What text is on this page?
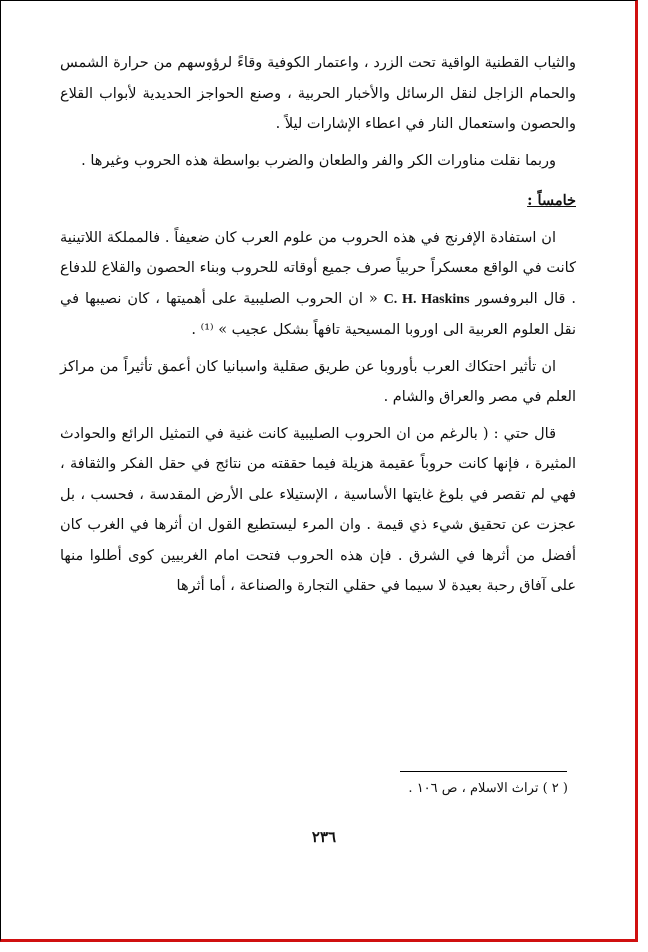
والثياب القطنية الواقية تحت الزرد ، واعتمار الكوفية وقاءً لرؤوسهم من حرارة الشمس والحمام الزاجل لنقل الرسائل والأخبار الحربية ، وصنع الحواجز الحديدية لأبواب القلاع والحصون واستعمال النار في اعطاء الإشارات ليلاً .

وربما نقلت مناورات الكر والفر والطعان والضرب بواسطة هذه الحروب وغيرها .

خامساً :

ان استفادة الإفرنج في هذه الحروب من علوم العرب كان ضعيفاً . فالمملكة اللاتينية كانت في الواقع معسكراً حربياً صرف جميع أوقاته للحروب وبناء الحصون والقلاع للدفاع . قال البروفسور C. H. Haskins « ان الحروب الصليبية على أهميتها ، كان نصيبها في نقل العلوم العربية الى اوروبا المسيحية تافهاً بشكل عجيب » ⁽¹⁾ .

ان تأثير احتكاك العرب بأوروبا عن طريق صقلية واسبانيا كان أعمق تأثيراً من مراكز العلم في مصر والعراق والشام .

قال حتي : ( بالرغم من ان الحروب الصليبية كانت غنية في التمثيل الرائع والحوادث المثيرة ، فإنها كانت حروباً عقيمة هزيلة فيما حققته من نتائج في حقل الفكر والثقافة ، فهي لم تقصر في بلوغ غايتها الأساسية ، الإستيلاء على الأرض المقدسة ، فحسب ، بل عجزت عن تحقيق شيء ذي قيمة . وان المرء ليستطيع القول ان أثرها في الغرب كان أفضل من أثرها في الشرق . فإن هذه الحروب فتحت امام الغربيين كوى أطلوا منها على آفاق رحبة بعيدة لا سيما في حقلي التجارة والصناعة ، أما أثرها

( ٢ ) تراث الاسلام ، ص ١٠٦ .
٢٣٦
